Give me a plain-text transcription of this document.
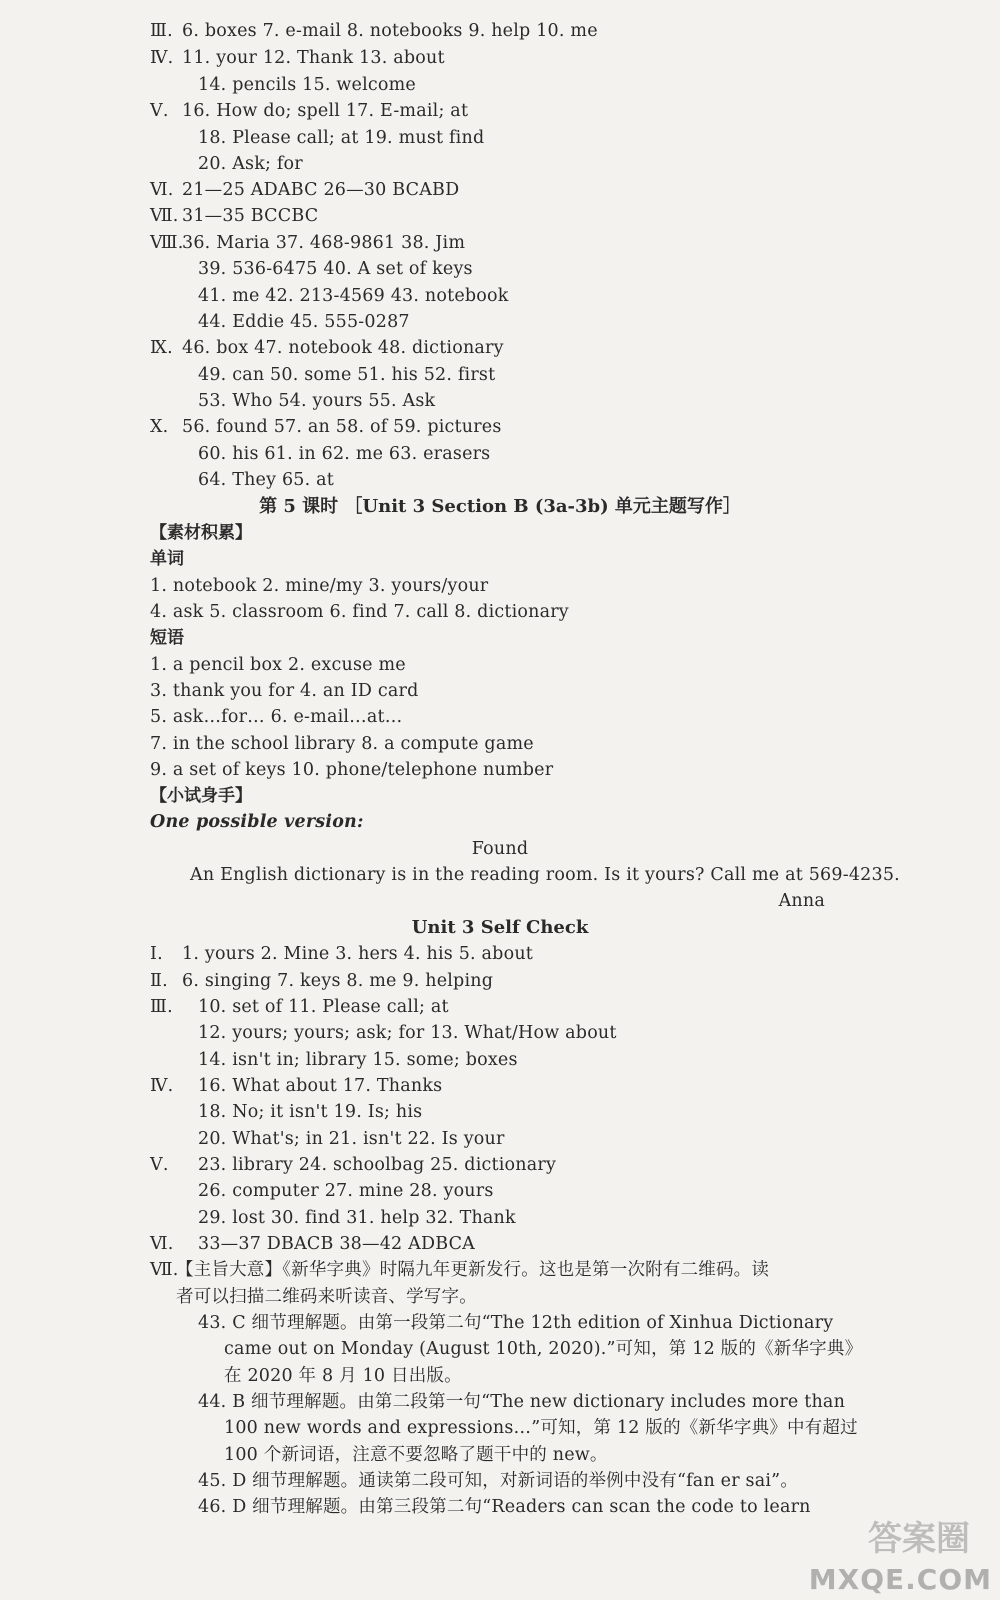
Ⅲ. 6. boxes 7. e-mail 8. notebooks 9. help 10. me
Ⅳ. 11. your 12. Thank 13. about
14. pencils 15. welcome
Ⅴ. 16. How do; spell 17. E-mail; at
18. Please call; at 19. must find
20. Ask; for
Ⅵ. 21—25 ADABC 26—30 BCABD
Ⅶ. 31—35 BCCBC
Ⅷ.
36. Maria 37. 468-9861 38. Jim
39. 536-6475 40. A set of keys
41. me 42. 213-4569 43. notebook
44. Eddie 45. 555-0287
Ⅸ. 46. box 47. notebook 48. dictionary
49. can 50. some 51. his 52. first
53. Who 54. yours 55. Ask
Ⅹ. 56. found 57. an 58. of 59. pictures
60. his 61. in 62. me 63. erasers
64. They 65. at
第 5 课时 ［Unit 3 Section B (3a-3b) 单元主题写作］
【素材积累】
单词
1. notebook 2. mine/my 3. yours/your
4. ask 5. classroom 6. find 7. call 8. dictionary
短语
1. a pencil box 2. excuse me
3. thank you for 4. an ID card
5. ask…for… 6. e-mail…at…
7. in the school library 8. a compute game
9. a set of keys 10. phone/telephone number
【小试身手】
One possible version:
Found
An English dictionary is in the reading room. Is it yours? Call me at 569-4235.
Anna
Unit 3 Self Check
Ⅰ.	1. yours 2. Mine 3. hers 4. his 5. about
Ⅱ. 6. singing 7. keys 8. me 9. helping
Ⅲ.	10. set of 11. Please call; at
12. yours; yours; ask; for 13. What/How about
14. isn't in; library 15. some; boxes
Ⅳ.	16. What about 17. Thanks
18. No; it isn't 19. Is; his
20. What's; in 21. isn't 22. Is your
Ⅴ.	23. library 24. schoolbag 25. dictionary
26. computer 27. mine 28. yours
29. lost 30. find 31. help 32. Thank
Ⅵ.	33—37 DBACB 38—42 ADBCA
Ⅶ.
【主旨大意】《新华字典》时隔九年更新发行。这也是第一次附有二维码。读
者可以扫描二维码来听读音、学写字。
43. C 细节理解题。由第一段第二句“The 12th edition of Xinhua Dictionary
came out on Monday (August 10th, 2020).”可知，第 12 版的《新华字典》
在 2020 年 8 月 10 日出版。
44. B 细节理解题。由第二段第一句“The new dictionary includes more than
100 new words and expressions…”可知，第 12 版的《新华字典》中有超过
100 个新词语，注意不要忽略了题干中的 new。
45. D 细节理解题。通读第二段可知，对新词语的举例中没有“fan er sai”。
46. D 细节理解题。由第三段第二句“Readers can scan the code to learn
答案圈
MXQE.COM
